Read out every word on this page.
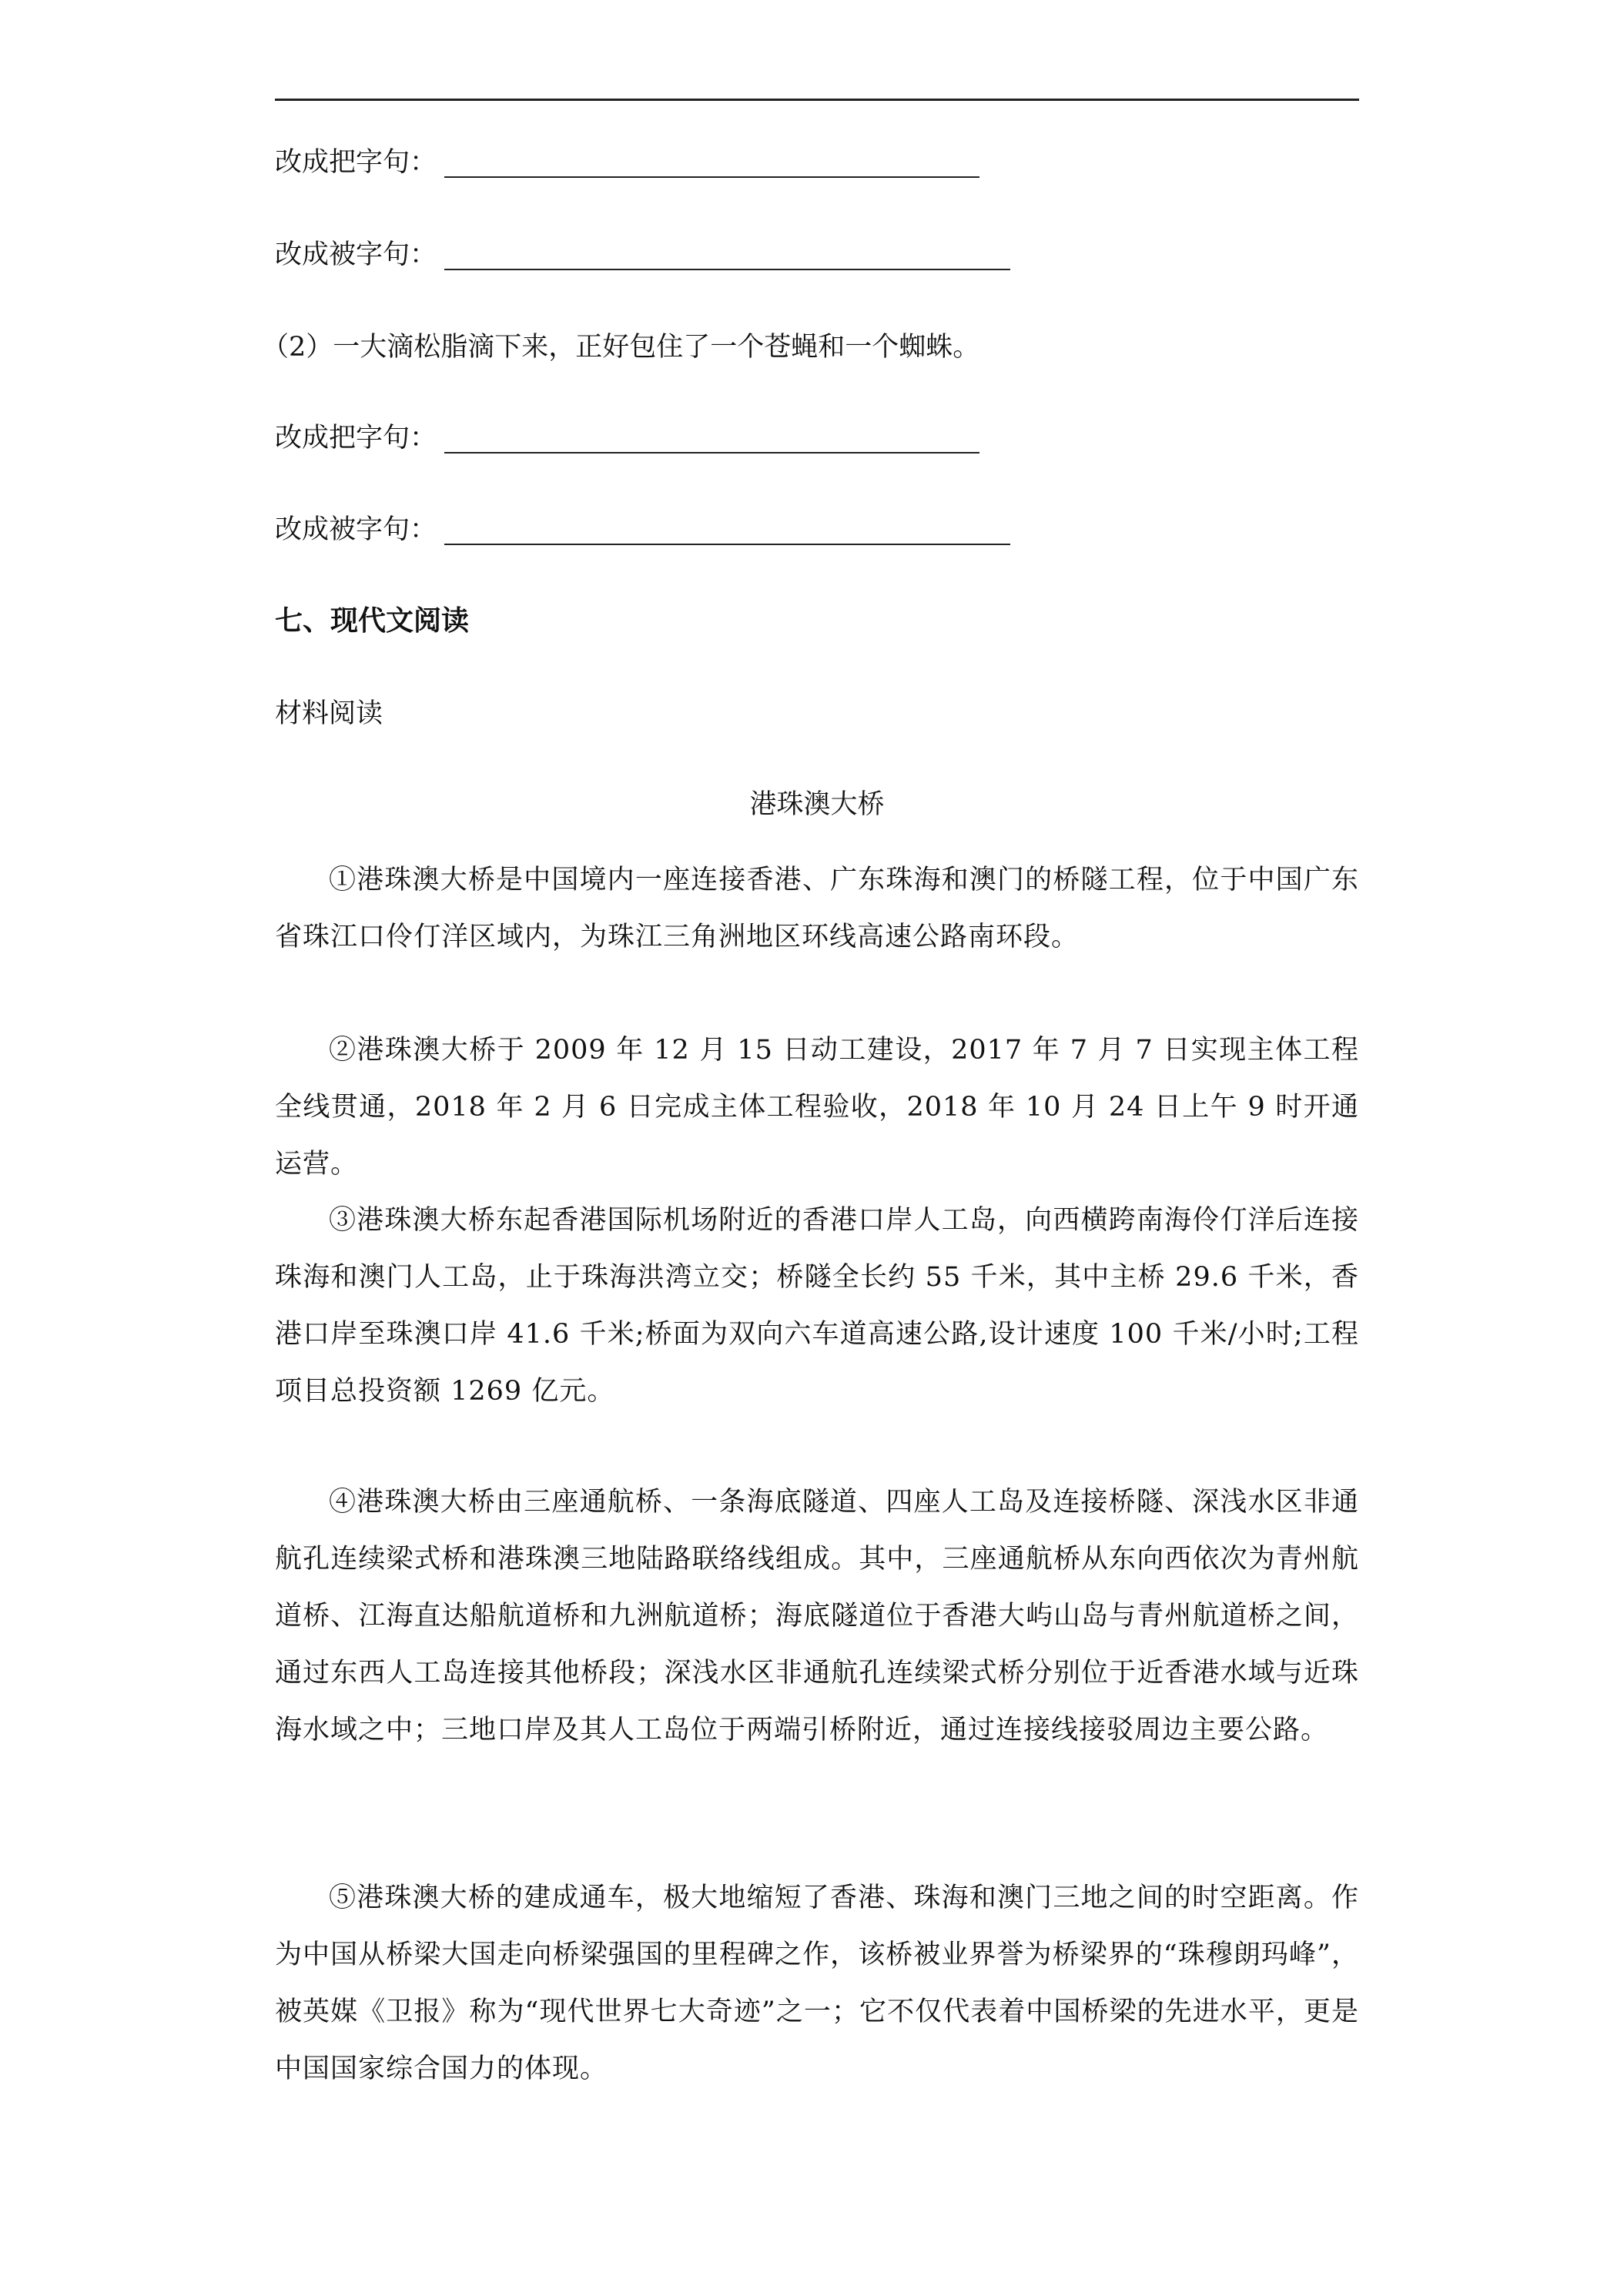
改成把字句：
改成被字句：
（2）一大滴松脂滴下来，正好包住了一个苍蝇和一个蜘蛛。
改成把字句：
改成被字句：
七、现代文阅读
材料阅读
港珠澳大桥
①港珠澳大桥是中国境内一座连接香港、广东珠海和澳门的桥隧工程，位于中国广东省珠江口伶仃洋区域内，为珠江三角洲地区环线高速公路南环段。
②港珠澳大桥于 2009 年 12 月 15 日动工建设，2017 年 7 月 7 日实现主体工程全线贯通，2018 年 2 月 6 日完成主体工程验收，2018 年 10 月 24 日上午 9 时开通运营。
③港珠澳大桥东起香港国际机场附近的香港口岸人工岛，向西横跨南海伶仃洋后连接珠海和澳门人工岛，止于珠海洪湾立交；桥隧全长约 55 千米，其中主桥 29.6 千米，香港口岸至珠澳口岸 41.6 千米;桥面为双向六车道高速公路,设计速度 100 千米/小时;工程项目总投资额 1269 亿元。
④港珠澳大桥由三座通航桥、一条海底隧道、四座人工岛及连接桥隧、深浅水区非通航孔连续梁式桥和港珠澳三地陆路联络线组成。其中，三座通航桥从东向西依次为青州航道桥、江海直达船航道桥和九洲航道桥；海底隧道位于香港大屿山岛与青州航道桥之间，通过东西人工岛连接其他桥段；深浅水区非通航孔连续梁式桥分别位于近香港水域与近珠海水域之中；三地口岸及其人工岛位于两端引桥附近，通过连接线接驳周边主要公路。
⑤港珠澳大桥的建成通车，极大地缩短了香港、珠海和澳门三地之间的时空距离。作为中国从桥梁大国走向桥梁强国的里程碑之作，该桥被业界誉为桥梁界的“珠穆朗玛峰”，被英媒《卫报》称为“现代世界七大奇迹”之一；它不仅代表着中国桥梁的先进水平，更是中国国家综合国力的体现。
